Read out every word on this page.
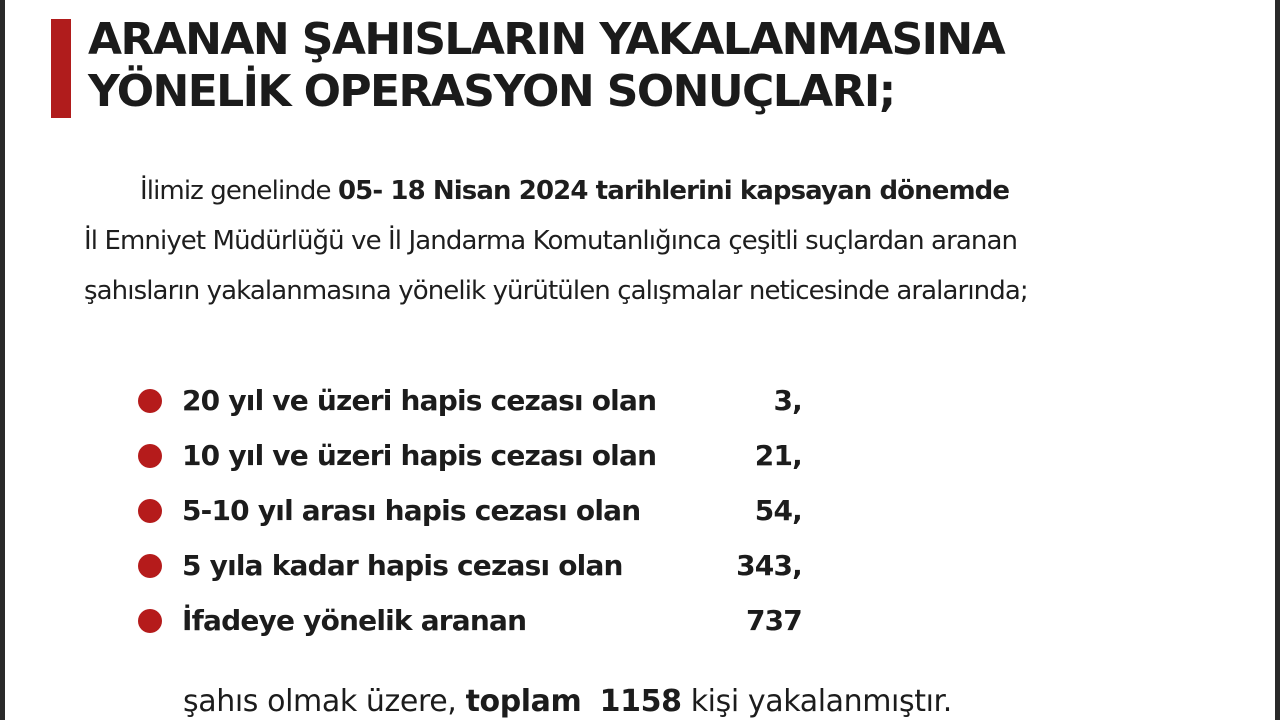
ARANAN ŞAHISLARIN YAKALANMASINA
YÖNELİK OPERASYON SONUÇLARI;

İlimiz genelinde 05- 18 Nisan 2024 tarihlerini kapsayan dönemde
İl Emniyet Müdürlüğü ve İl Jandarma Komutanlığınca çeşitli suçlardan aranan
şahısların yakalanmasına yönelik yürütülen çalışmalar neticesinde aralarında;

20 yıl ve üzeri hapis cezası olan	3,
10 yıl ve üzeri hapis cezası olan	21,
5-10 yıl arası hapis cezası olan	54,
5 yıla kadar hapis cezası olan	343,
İfadeye yönelik aranan	737

şahıs olmak üzere, toplam 1158 kişi yakalanmıştır.
